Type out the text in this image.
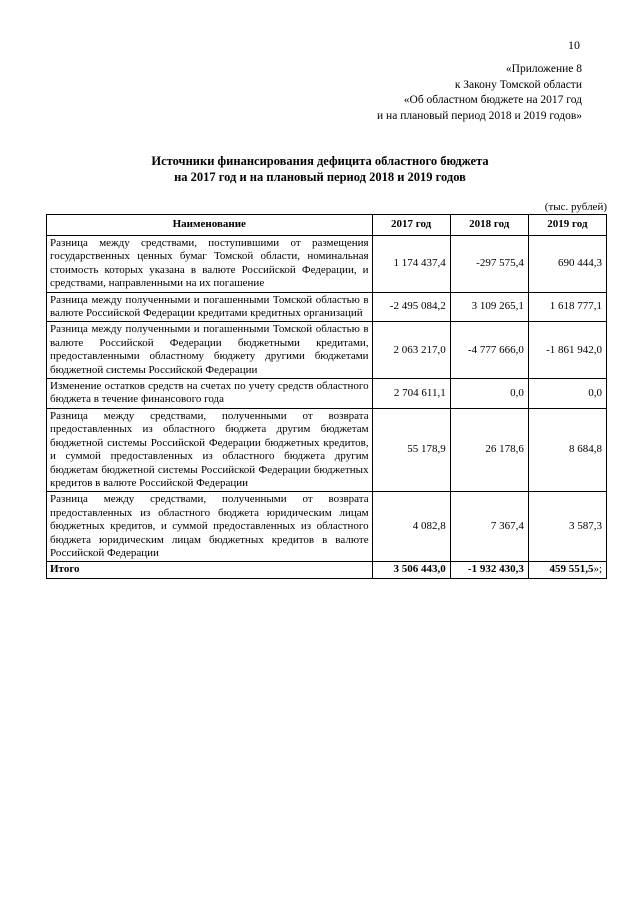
10
«Приложение 8
к Закону Томской области
«Об областном бюджете на 2017 год
и на плановый период 2018 и 2019 годов»
Источники финансирования дефицита областного бюджета
на 2017 год и на плановый период 2018 и 2019 годов
(тыс. рублей)
Наименование	2017 год	2018 год	2019 год
Разница между средствами, поступившими от размещения государственных ценных бумаг Томской области, номинальная стоимость которых указана в валюте Российской Федерации, и средствами, направленными на их погашение	1 174 437,4	-297 575,4	690 444,3
Разница между полученными и погашенными Томской областью в валюте Российской Федерации кредитами кредитных организаций	-2 495 084,2	3 109 265,1	1 618 777,1
Разница между полученными и погашенными Томской областью в валюте Российской Федерации бюджетными кредитами, предоставленными областному бюджету другими бюджетами бюджетной системы Российской Федерации	2 063 217,0	-4 777 666,0	-1 861 942,0
Изменение остатков средств на счетах по учету средств областного бюджета в течение финансового года	2 704 611,1	0,0	0,0
Разница между средствами, полученными от возврата предоставленных из областного бюджета другим бюджетам бюджетной системы Российской Федерации бюджетных кредитов, и суммой предоставленных из областного бюджета другим бюджетам бюджетной системы Российской Федерации бюджетных кредитов в валюте Российской Федерации	55 178,9	26 178,6	8 684,8
Разница между средствами, полученными от возврата предоставленных из областного бюджета юридическим лицам бюджетных кредитов, и суммой предоставленных из областного бюджета юридическим лицам бюджетных кредитов в валюте Российской Федерации	4 082,8	7 367,4	3 587,3
Итого	3 506 443,0	-1 932 430,3	459 551,5»;
